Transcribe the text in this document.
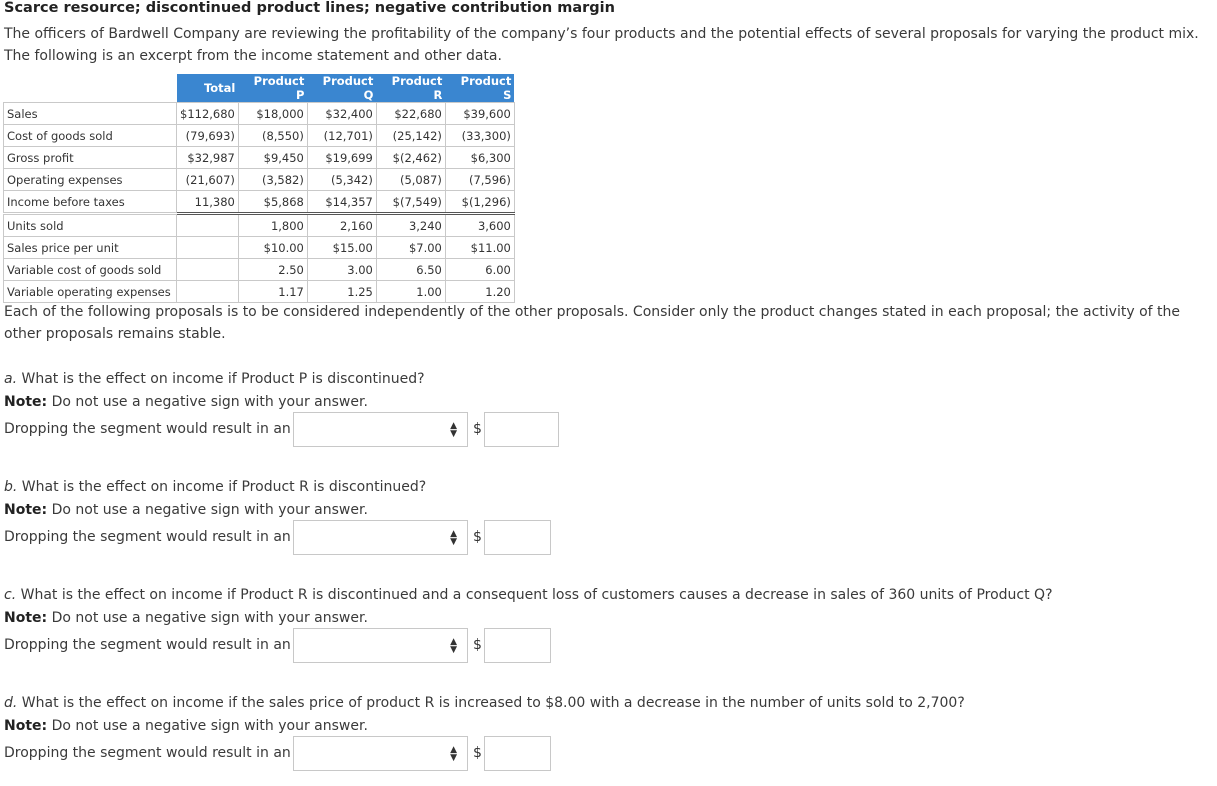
Scarce resource; discontinued product lines; negative contribution margin
The officers of Bardwell Company are reviewing the profitability of the company’s four products and the potential effects of several proposals for varying the product mix. The following is an excerpt from the income statement and other data.
	Total	Product P	Product Q	Product R	Product S
Sales	$112,680	$18,000	$32,400	$22,680	$39,600
Cost of goods sold	(79,693)	(8,550)	(12,701)	(25,142)	(33,300)
Gross profit	$32,987	$9,450	$19,699	$(2,462)	$6,300
Operating expenses	(21,607)	(3,582)	(5,342)	(5,087)	(7,596)
Income before taxes	11,380	$5,868	$14,357	$(7,549)	$(1,296)
Units sold		1,800	2,160	3,240	3,600
Sales price per unit		$10.00	$15.00	$7.00	$11.00
Variable cost of goods sold		2.50	3.00	6.50	6.00
Variable operating expenses		1.17	1.25	1.00	1.20
Each of the following proposals is to be considered independently of the other proposals. Consider only the product changes stated in each proposal; the activity of the other proposals remains stable.
a. What is the effect on income if Product P is discontinued?
Note: Do not use a negative sign with your answer.
Dropping the segment would result in an	▲
▼ $
b. What is the effect on income if Product R is discontinued?
Note: Do not use a negative sign with your answer.
Dropping the segment would result in an	▲
▼ $
c. What is the effect on income if Product R is discontinued and a consequent loss of customers causes a decrease in sales of 360 units of Product Q?
Note: Do not use a negative sign with your answer.
Dropping the segment would result in an	▲
▼ $
d. What is the effect on income if the sales price of product R is increased to $8.00 with a decrease in the number of units sold to 2,700?
Note: Do not use a negative sign with your answer.
Dropping the segment would result in an	▲
▼ $
